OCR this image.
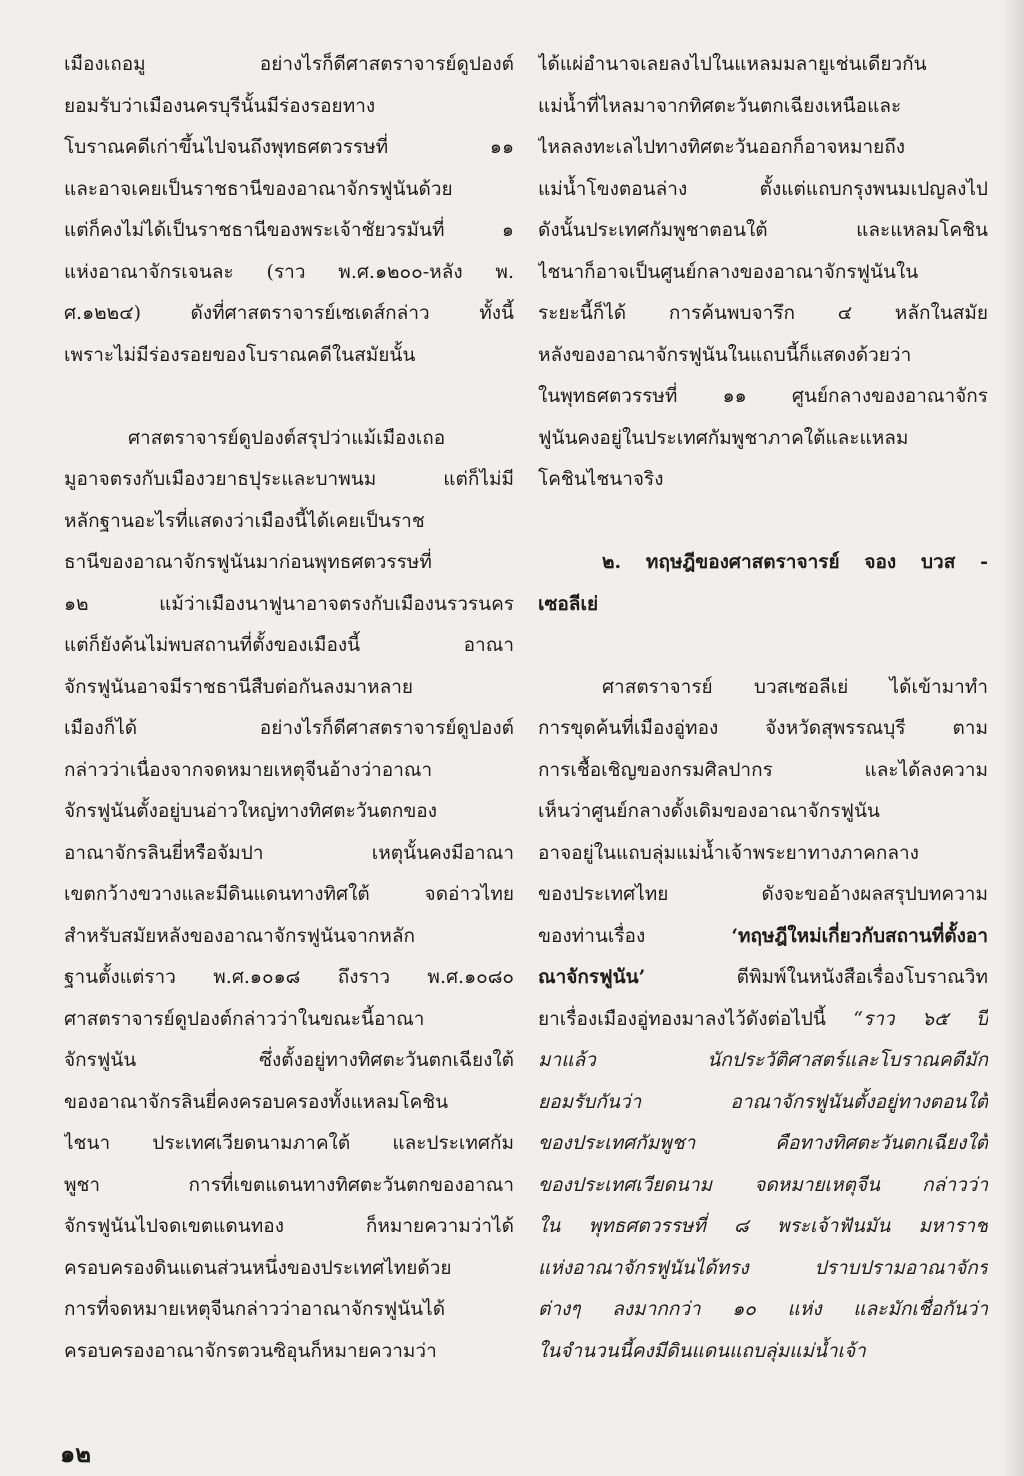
เมืองเถอมู อย่างไรก็ดีศาสตราจารย์ดูปองต์
ยอมรับว่าเมืองนครบุรีนั้นมีร่องรอยทาง
โบราณคดีเก่าขึ้นไปจนถึงพุทธศตวรรษที่ ๑๑
และอาจเคยเป็นราชธานีของอาณาจักรฟูนันด้วย
แต่ก็คงไม่ได้เป็นราชธานีของพระเจ้าชัยวรมันที่ ๑
แห่งอาณาจักรเจนละ (ราว พ.ศ.๑๒๐๐-หลัง พ.
ศ.๑๒๒๔) ดังที่ศาสตราจารย์เซเดส์กล่าว ทั้งนี้
เพราะไม่มีร่องรอยของโบราณคดีในสมัยนั้น
ศาสตราจารย์ดูปองต์สรุปว่าแม้เมืองเถอ
มูอาจตรงกับเมืองวยาธปุระและบาพนม แต่ก็ไม่มี
หลักฐานอะไรที่แสดงว่าเมืองนี้ได้เคยเป็นราช
ธานีของอาณาจักรฟูนันมาก่อนพุทธศตวรรษที่
๑๒ แม้ว่าเมืองนาฟูนาอาจตรงกับเมืองนรวรนคร
แต่ก็ยังค้นไม่พบสถานที่ตั้งของเมืองนี้ อาณา
จักรฟูนันอาจมีราชธานีสืบต่อกันลงมาหลาย
เมืองก็ได้ อย่างไรก็ดีศาสตราจารย์ดูปองต์
กล่าวว่าเนื่องจากจดหมายเหตุจีนอ้างว่าอาณา
จักรฟูนันตั้งอยู่บนอ่าวใหญ่ทางทิศตะวันตกของ
อาณาจักรลินยี่หรือจัมปา เหตุนั้นคงมีอาณา
เขตกว้างขวางและมีดินแดนทางทิศใต้ จดอ่าวไทย
สำหรับสมัยหลังของอาณาจักรฟูนันจากหลัก
ฐานตั้งแต่ราว พ.ศ.๑๐๑๘ ถึงราว พ.ศ.๑๐๘๐
ศาสตราจารย์ดูปองต์กล่าวว่าในขณะนี้อาณา
จักรฟูนัน ซึ่งตั้งอยู่ทางทิศตะวันตกเฉียงใต้
ของอาณาจักรลินยี่คงครอบครองทั้งแหลมโคชิน
ไชนา ประเทศเวียดนามภาคใต้ และประเทศกัม
พูชา การที่เขตแดนทางทิศตะวันตกของอาณา
จักรฟูนันไปจดเขตแดนทอง ก็หมายความว่าได้
ครอบครองดินแดนส่วนหนึ่งของประเทศไทยด้วย
การที่จดหมายเหตุจีนกล่าวว่าอาณาจักรฟูนันได้
ครอบครองอาณาจักรตวนซิอุนก็หมายความว่า
ได้แผ่อำนาจเลยลงไปในแหลมมลายูเช่นเดียวกัน
แม่น้ำที่ไหลมาจากทิศตะวันตกเฉียงเหนือและ
ไหลลงทะเลไปทางทิศตะวันออกก็อาจหมายถึง
แม่น้ำโขงตอนล่าง ตั้งแต่แถบกรุงพนมเปญลงไป
ดังนั้นประเทศกัมพูชาตอนใต้ และแหลมโคชิน
ไชนาก็อาจเป็นศูนย์กลางของอาณาจักรฟูนันใน
ระยะนี้ก็ได้ การค้นพบจารึก ๔ หลักในสมัย
หลังของอาณาจักรฟูนันในแถบนี้ก็แสดงด้วยว่า
ในพุทธศตวรรษที่ ๑๑ ศูนย์กลางของอาณาจักร
ฟูนันคงอยู่ในประเทศกัมพูชาภาคใต้และแหลม
โคชินไชนาจริง
๒. ทฤษฎีของศาสตราจารย์ จอง บวส -
เซอลีเย่
ศาสตราจารย์ บวสเซอลีเย่ ได้เข้ามาทำ
การขุดค้นที่เมืองอู่ทอง จังหวัดสุพรรณบุรี ตาม
การเชื้อเชิญของกรมศิลปากร และได้ลงความ
เห็นว่าศูนย์กลางดั้งเดิมของอาณาจักรฟูนัน
อาจอยู่ในแถบลุ่มแม่น้ำเจ้าพระยาทางภาคกลาง
ของประเทศไทย ดังจะขออ้างผลสรุปบทความ
ของท่านเรื่อง	‘ทฤษฎีใหม่เกี่ยวกับสถานที่ตั้งอา
ณาจักรฟูนัน’ ตีพิมพ์ในหนังสือเรื่องโบราณวิท
ยาเรื่องเมืองอู่ทองมาลงไว้ดังต่อไปนี้ “ราว ๖๕ ปี
มาแล้ว นักประวัติศาสตร์และโบราณคดีมัก
ยอมรับกันว่า อาณาจักรฟูนันตั้งอยู่ทางตอนใต้
ของประเทศกัมพูชา คือทางทิศตะวันตกเฉียงใต้
ของประเทศเวียดนาม จดหมายเหตุจีน กล่าวว่า
ใน พุทธศตวรรษที่ ๘ พระเจ้าฟันมัน มหาราช
แห่งอาณาจักรฟูนันได้ทรง ปราบปรามอาณาจักร
ต่างๆ ลงมากกว่า ๑๐ แห่ง และมักเชื่อกันว่า
ในจำนวนนี้คงมีดินแดนแถบลุ่มแม่น้ำเจ้า
๑๒
